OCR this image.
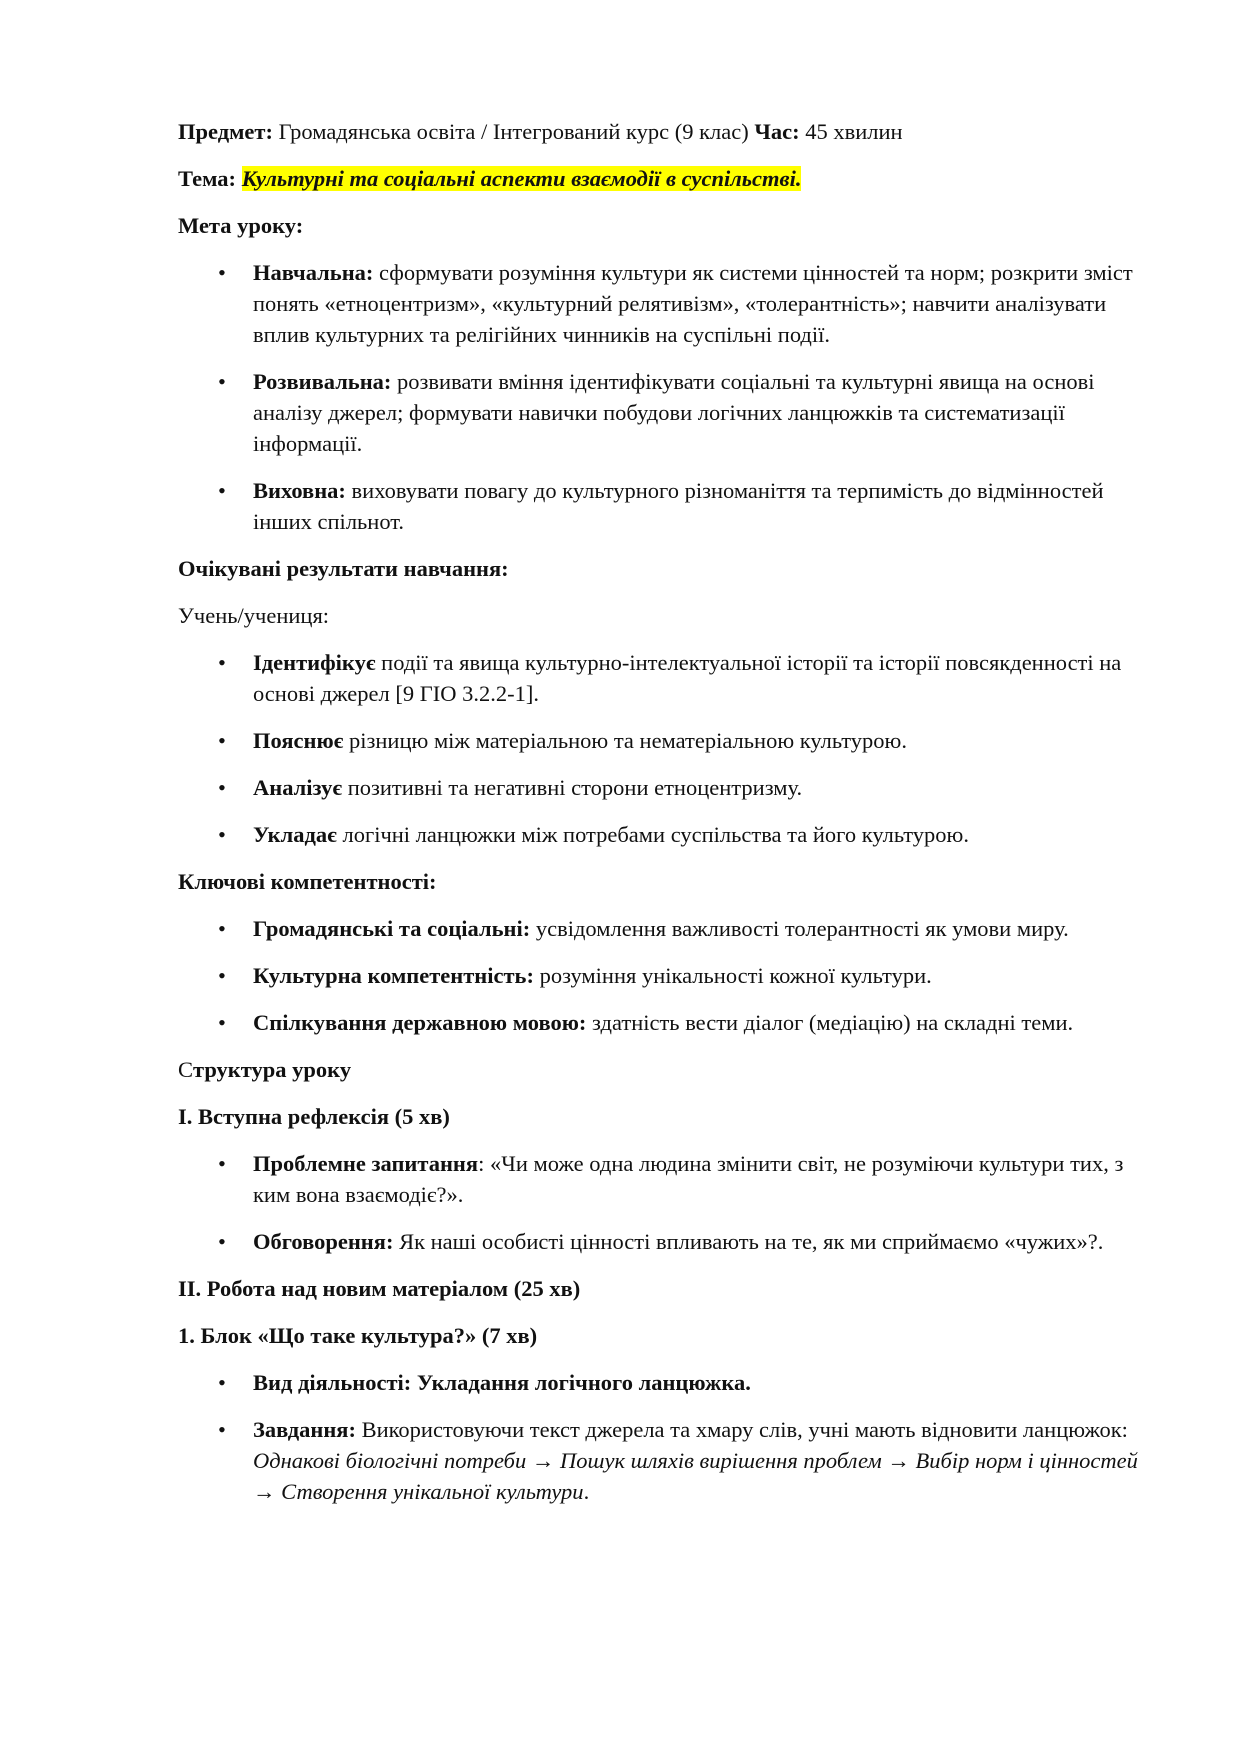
Предмет: Громадянська освіта / Інтегрований курс (9 клас) Час: 45 хвилин

Тема: Культурні та соціальні аспекти взаємодії в суспільстві.

Мета уроку:

• Навчальна: сформувати розуміння культури як системи цінностей та норм; розкрити зміст понять «етноцентризм», «культурний релятивізм», «толерантність»; навчити аналізувати вплив культурних та релігійних чинників на суспільні події.
• Розвивальна: розвивати вміння ідентифікувати соціальні та культурні явища на основі аналізу джерел; формувати навички побудови логічних ланцюжків та систематизації інформації.
• Виховна: виховувати повагу до культурного різноманіття та терпимість до відмінностей інших спільнот.

Очікувані результати навчання:

Учень/учениця:

• Ідентифікує події та явища культурно-інтелектуальної історії та історії повсякденності на основі джерел [9 ГІО 3.2.2-1].
• Пояснює різницю між матеріальною та нематеріальною культурою.
• Аналізує позитивні та негативні сторони етноцентризму.
• Укладає логічні ланцюжки між потребами суспільства та його культурою.

Ключові компетентності:

• Громадянські та соціальні: усвідомлення важливості толерантності як умови миру.
• Культурна компетентність: розуміння унікальності кожної культури.
• Спілкування державною мовою: здатність вести діалог (медіацію) на складні теми.

Структура уроку

І. Вступна рефлексія (5 хв)

• Проблемне запитання: «Чи може одна людина змінити світ, не розуміючи культури тих, з ким вона взаємодіє?».
• Обговорення: Як наші особисті цінності впливають на те, як ми сприймаємо «чужих»?.

ІІ. Робота над новим матеріалом (25 хв)

1. Блок «Що таке культура?» (7 хв)

• Вид діяльності: Укладання логічного ланцюжка.
• Завдання: Використовуючи текст джерела та хмару слів, учні мають відновити ланцюжок: Однакові біологічні потреби → Пошук шляхів вирішення проблем → Вибір норм і цінностей → Створення унікальної культури.
